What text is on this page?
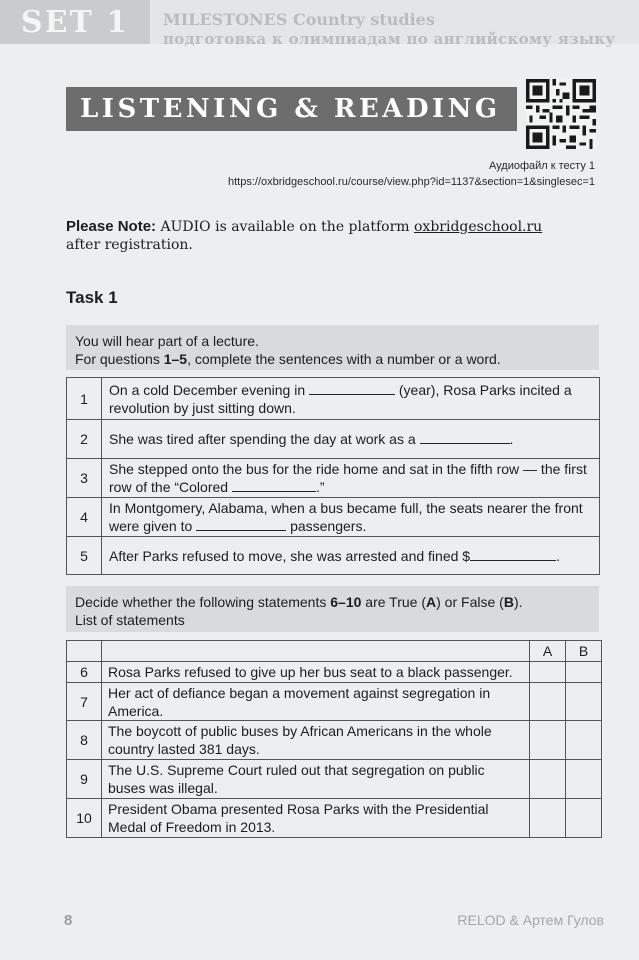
SET 1	MILESTONES Country studies
подготовка к олимпиадам по английскому языку
LISTENING & READING
Аудиофайл к тесту 1
https://oxbridgeschool.ru/course/view.php?id=1137&section=1&singlesec=1
Please Note: AUDIO is available on the platform oxbridgeschool.ru
after registration.
Task 1
You will hear part of a lecture.
For questions 1–5, complete the sentences with a number or a word.
1	On a cold December evening in (year), Rosa Parks incited a revolution by just sitting down.
2	She was tired after spending the day at work as a .
3	She stepped onto the bus for the ride home and sat in the fifth row — the first row of the “Colored .”
4	In Montgomery, Alabama, when a bus became full, the seats nearer the front were given to passengers.
5	After Parks refused to move, she was arrested and fined $ .
Decide whether the following statements 6–10 are True (A) or False (B).
List of statements
		A	B
6	Rosa Parks refused to give up her bus seat to a black passenger.		
7	Her act of defiance began a movement against segregation in America.		
8	The boycott of public buses by African Americans in the whole country lasted 381 days.		
9	The U.S. Supreme Court ruled out that segregation on public buses was illegal.		
10	President Obama presented Rosa Parks with the Presidential Medal of Freedom in 2013.		
8	RELOD & Артем Гулов
